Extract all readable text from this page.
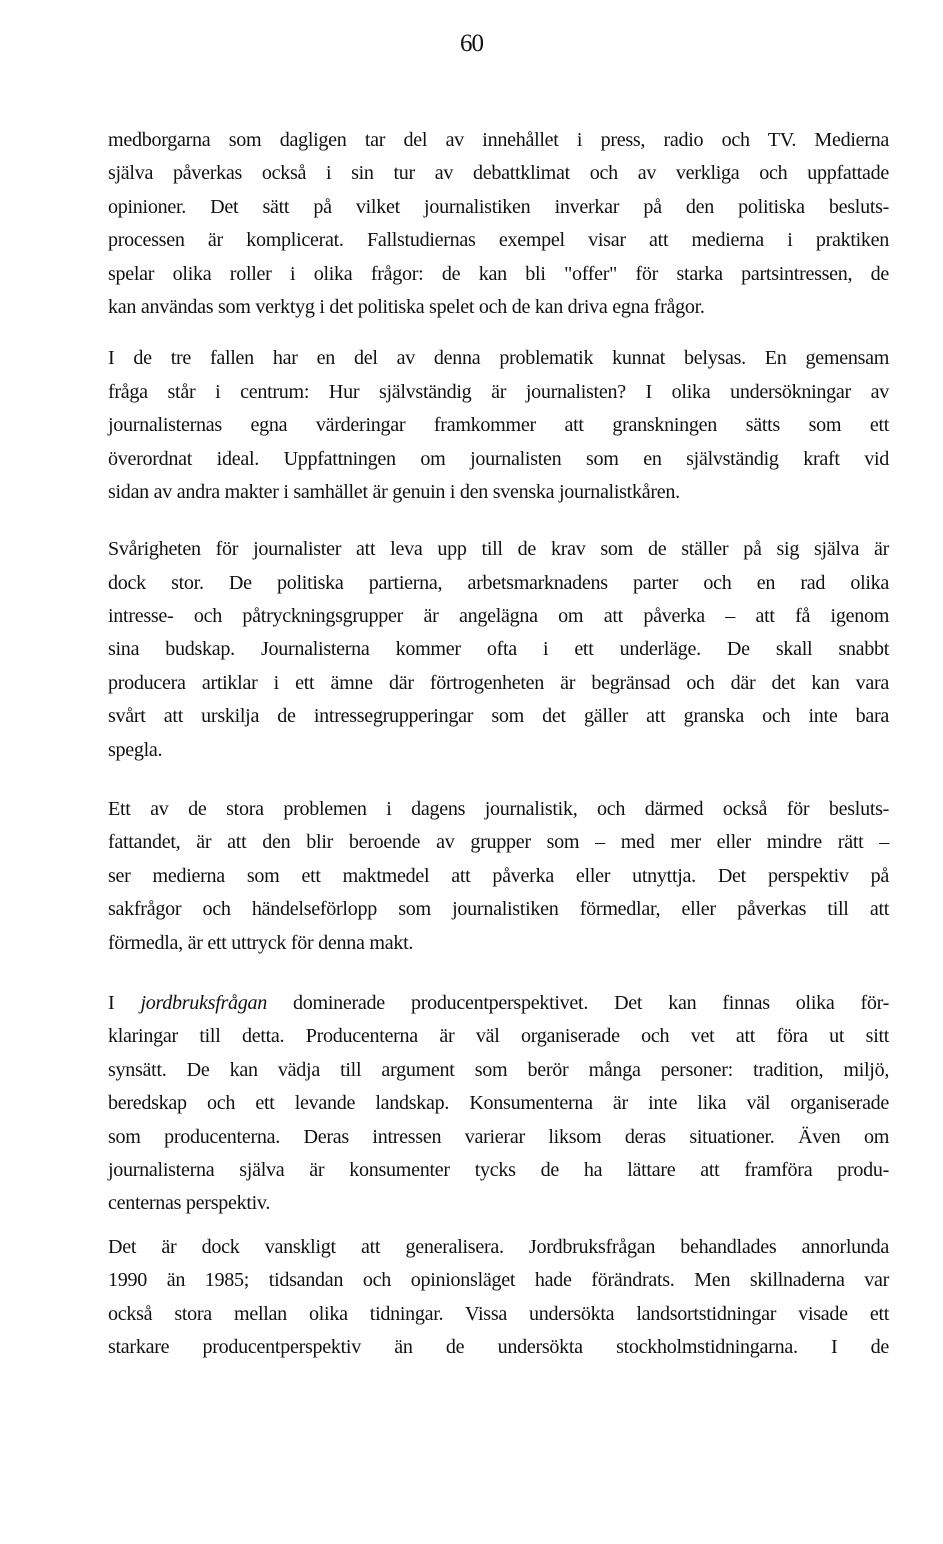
60
medborgarna som dagligen tar del av innehållet i press, radio och TV. Medierna
själva påverkas också i sin tur av debattklimat och av verkliga och uppfattade
opinioner. Det sätt på vilket journalistiken inverkar på den politiska besluts-
processen är komplicerat. Fallstudiernas exempel visar att medierna i praktiken
spelar olika roller i olika frågor: de kan bli "offer" för starka partsintressen, de
kan användas som verktyg i det politiska spelet och de kan driva egna frågor.
I de tre fallen har en del av denna problematik kunnat belysas. En gemensam
fråga står i centrum: Hur självständig är journalisten? I olika undersökningar av
journalisternas egna värderingar framkommer att granskningen sätts som ett
överordnat ideal. Uppfattningen om journalisten som en självständig kraft vid
sidan av andra makter i samhället är genuin i den svenska journalistkåren.
Svårigheten för journalister att leva upp till de krav som de ställer på sig själva är
dock stor. De politiska partierna, arbetsmarknadens parter och en rad olika
intresse- och påtryckningsgrupper är angelägna om att påverka – att få igenom
sina budskap. Journalisterna kommer ofta i ett underläge. De skall snabbt
producera artiklar i ett ämne där förtrogenheten är begränsad och där det kan vara
svårt att urskilja de intressegrupperingar som det gäller att granska och inte bara
spegla.
Ett av de stora problemen i dagens journalistik, och därmed också för besluts-
fattandet, är att den blir beroende av grupper som – med mer eller mindre rätt –
ser medierna som ett maktmedel att påverka eller utnyttja. Det perspektiv på
sakfrågor och händelseförlopp som journalistiken förmedlar, eller påverkas till att
förmedla, är ett uttryck för denna makt.
I jordbruksfrågan dominerade producentperspektivet. Det kan finnas olika för-
klaringar till detta. Producenterna är väl organiserade och vet att föra ut sitt
synsätt. De kan vädja till argument som berör många personer: tradition, miljö,
beredskap och ett levande landskap. Konsumenterna är inte lika väl organiserade
som producenterna. Deras intressen varierar liksom deras situationer. Även om
journalisterna själva är konsumenter tycks de ha lättare att framföra produ-
centernas perspektiv.
Det är dock vanskligt att generalisera. Jordbruksfrågan behandlades annorlunda
1990 än 1985; tidsandan och opinionsläget hade förändrats. Men skillnaderna var
också stora mellan olika tidningar. Vissa undersökta landsortstidningar visade ett
starkare producentperspektiv än de undersökta stockholmstidningarna. I de
